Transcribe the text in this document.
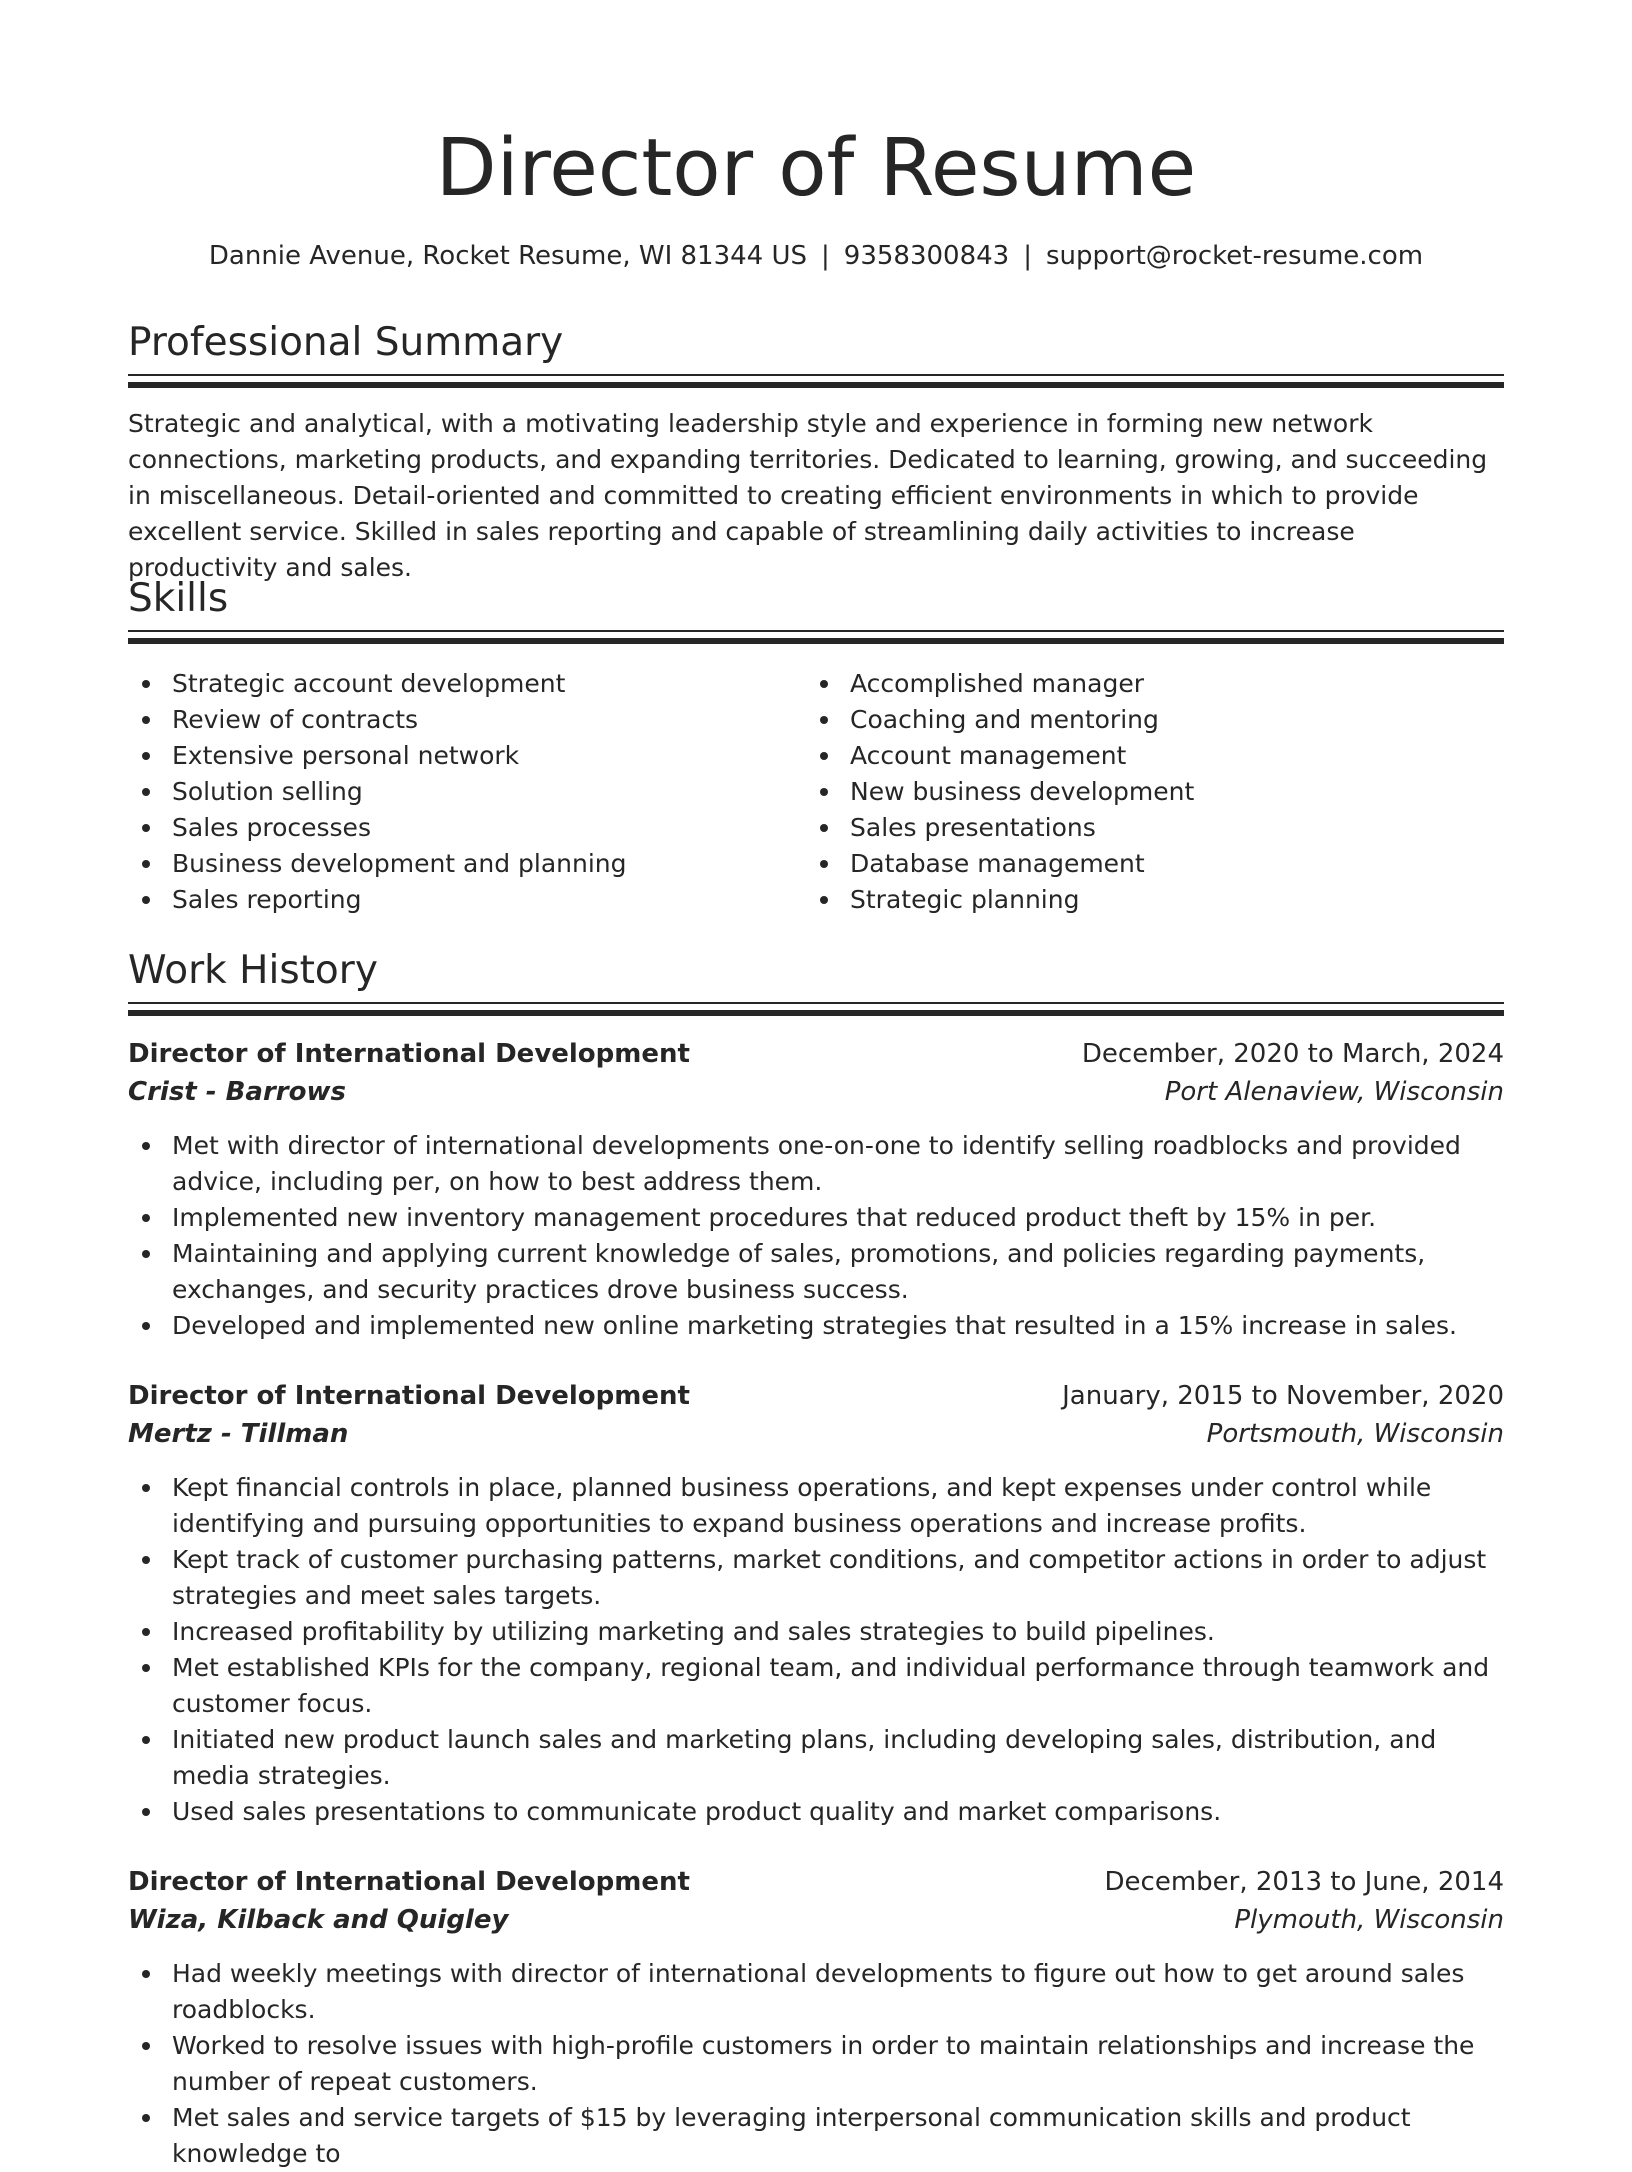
Director of Resume
Dannie Avenue, Rocket Resume, WI 81344 US | 9358300843 | support@rocket-resume.com
Professional Summary

Strategic and analytical, with a motivating leadership style and experience in forming new network connections, marketing products, and expanding territories. Dedicated to learning, growing, and succeeding in miscellaneous. Detail-oriented and committed to creating efficient environments in which to provide excellent service. Skilled in sales reporting and capable of streamlining daily activities to increase productivity and sales.

Skills
Strategic account development
Review of contracts
Extensive personal network
Solution selling
Sales processes
Business development and planning
Sales reporting
Accomplished manager
Coaching and mentoring
Account management
New business development
Sales presentations
Database management
Strategic planning
Work History
Director of International Development	December, 2020 to March, 2024
Crist - Barrows	Port Alenaview, Wisconsin
Met with director of international developments one-on-one to identify selling roadblocks and provided advice, including per, on how to best address them.
Implemented new inventory management procedures that reduced product theft by 15% in per.
Maintaining and applying current knowledge of sales, promotions, and policies regarding payments, exchanges, and security practices drove business success.
Developed and implemented new online marketing strategies that resulted in a 15% increase in sales.
Director of International Development	January, 2015 to November, 2020
Mertz - Tillman	Portsmouth, Wisconsin
Kept financial controls in place, planned business operations, and kept expenses under control while identifying and pursuing opportunities to expand business operations and increase profits.
Kept track of customer purchasing patterns, market conditions, and competitor actions in order to adjust strategies and meet sales targets.
Increased profitability by utilizing marketing and sales strategies to build pipelines.
Met established KPIs for the company, regional team, and individual performance through teamwork and customer focus.
Initiated new product launch sales and marketing plans, including developing sales, distribution, and media strategies.
Used sales presentations to communicate product quality and market comparisons.
Director of International Development	December, 2013 to June, 2014
Wiza, Kilback and Quigley	Plymouth, Wisconsin
Had weekly meetings with director of international developments to figure out how to get around sales roadblocks.
Worked to resolve issues with high-profile customers in order to maintain relationships and increase the number of repeat customers.
Met sales and service targets of $15 by leveraging interpersonal communication skills and product knowledge to
